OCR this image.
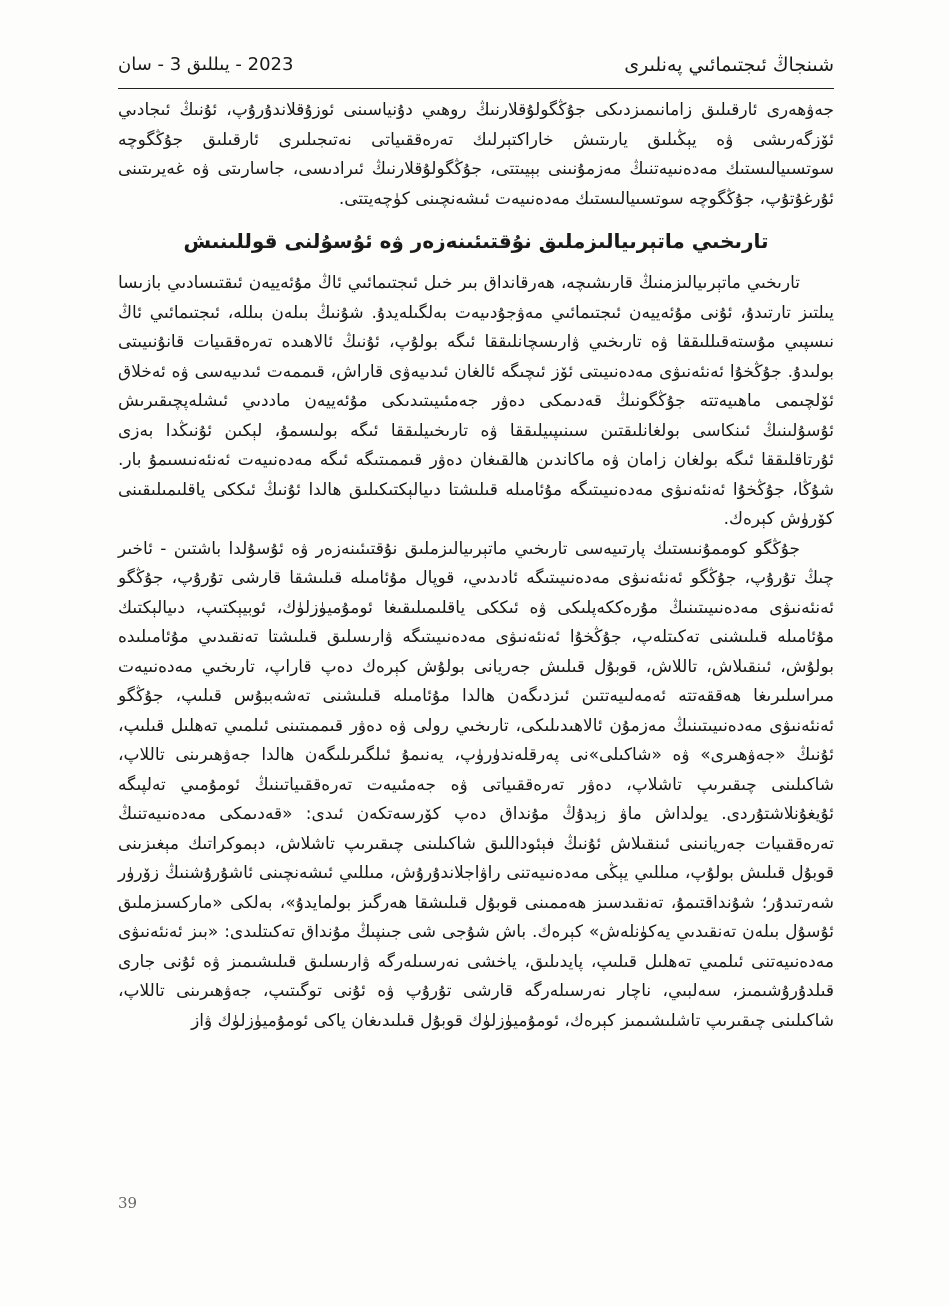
شىنجاڭ ئىجتىمائىي پەنلىرى
2023 - يىللىق 3 - سان

جەۋھەرى ئارقىلىق زامانىمىزدىكى جۇڭگولۇقلارنىڭ روھىي دۇنياسىنى ئوزۇقلاندۇرۇپ، ئۇنىڭ ئىجادىي ئۆزگەرىشى ۋە يېڭىلىق يارىتىش خاراكتېرلىك تەرەققىياتى نەتىجىلىرى ئارقىلىق جۇڭگوچە سوتسىيالىستىك مەدەنىيەتنىڭ مەزمۇنىنى بېيىتتى، جۇڭگولۇقلارنىڭ ئىرادىسى، جاسارىتى ۋە غەيرىتىنى ئۇرغۇتۇپ، جۇڭگوچە سوتسىيالىستىك مەدەنىيەت ئىشەنچىنى كۈچەيتتى.

تارىخىي ماتېرىيالىزملىق نۇقتىئىنەزەر ۋە ئۇسۇلنى قوللىنىش

تارىخىي ماتېرىيالىزمنىڭ قارىشىچە، ھەرقانداق بىر خىل ئىجتىمائىي ئاڭ مۇئەييەن ئىقتىسادىي بازىسا يىلتىز تارتىدۇ، ئۇنى مۇئەييەن ئىجتىمائىي مەۋجۇدىيەت بەلگىلەيدۇ. شۇنىڭ بىلەن بىللە، ئىجتىمائىي ئاڭ نىسپىي مۇستەقىللىققا ۋە تارىخىي ۋارىسچانلىققا ئىگە بولۇپ، ئۇنىڭ ئالاھىدە تەرەققىيات قانۇنىيىتى بولىدۇ. جۇڭخۇا ئەنئەنىۋى مەدەنىيىتى ئۆز ئىچىگە ئالغان ئىدىيەۋى قاراش، قىممەت ئىدىيەسى ۋە ئەخلاق ئۆلچىمى ماھىيەتتە جۇڭگونىڭ قەدىمكى دەۋر جەمئىيىتىدىكى مۇئەييەن ماددىي ئىشلەپچىقىرىش ئۇسۇلىنىڭ ئىنكاسى بولغانلىقتىن سىنىپىيلىققا ۋە تارىخىيلىققا ئىگە بولىسمۇ، لېكىن ئۇنىڭدا بەزى ئۇرتاقلىققا ئىگە بولغان زامان ۋە ماكاندىن ھالقىغان دەۋر قىممىتىگە ئىگە مەدەنىيەت ئەنئەنىسىمۇ بار. شۇڭا، جۇڭخۇا ئەنئەنىۋى مەدەنىيىتىگە مۇئامىلە قىلىشتا دىيالېكتىكىلىق ھالدا ئۇنىڭ ئىككى ياقلىمىلىقىنى كۆرۈش كېرەك.

جۇڭگو كوممۇنىستىك پارتىيەسى تارىخىي ماتېرىيالىزملىق نۇقتىئىنەزەر ۋە ئۇسۇلدا باشتىن - ئاخىر چىڭ تۇرۇپ، جۇڭگو ئەنئەنىۋى مەدەنىيىتىگە ئادىدىي، قوپال مۇئامىلە قىلىشقا قارشى تۇرۇپ، جۇڭگو ئەنئەنىۋى مەدەنىيىتىنىڭ مۇرەككەپلىكى ۋە ئىككى ياقلىمىلىقىغا ئومۇميۈزلۈك، ئوبيېكتىپ، دىيالېكتىك مۇئامىلە قىلىشنى تەكىتلەپ، جۇڭخۇا ئەنئەنىۋى مەدەنىيىتىگە ۋارىسلىق قىلىشتا تەنقىدىي مۇئامىلىدە بولۇش، ئىنقىلاش، تاللاش، قوبۇل قىلىش جەريانى بولۇش كېرەك دەپ قاراپ، تارىخىي مەدەنىيەت مىراسلىرىغا ھەققەتتە ئەمەلىيەتتىن ئىزدىگەن ھالدا مۇئامىلە قىلىشنى تەشەببۇس قىلىپ، جۇڭگو ئەنئەنىۋى مەدەنىيىتىنىڭ مەزمۇن ئالاھىدىلىكى، تارىخىي رولى ۋە دەۋر قىممىتىنى ئىلمىي تەھلىل قىلىپ، ئۇنىڭ «جەۋھىرى» ۋە «شاكىلى»نى پەرقلەندۈرۈپ، يەنىمۇ ئىلگىرىلىگەن ھالدا جەۋھىرىنى تاللاپ، شاكىلىنى چىقىرىپ تاشلاپ، دەۋر تەرەققىياتى ۋە جەمئىيەت تەرەققىياتىنىڭ ئومۇمىي تەلپىگە ئۇيغۇنلاشتۇردى. يولداش ماۋ زېدۇڭ مۇنداق دەپ كۆرسەتكەن ئىدى: «قەدىمكى مەدەنىيەتنىڭ تەرەققىيات جەريانىنى ئىنقىلاش ئۇنىڭ فېئوداللىق شاكىلىنى چىقىرىپ تاشلاش، دېموكراتىك مېغىزىنى قوبۇل قىلىش بولۇپ، مىللىي يېڭى مەدەنىيەتنى راۋاجلاندۇرۇش، مىللىي ئىشەنچىنى ئاشۇرۇشنىڭ زۆرۈر شەرتىدۇر؛ شۇنداقتىمۇ، تەنقىدسىز ھەممىنى قوبۇل قىلىشقا ھەرگىز بولمايدۇ»، بەلكى «ماركسىزملىق ئۇسۇل بىلەن تەنقىدىي يەكۈنلەش» كېرەك. باش شۇجى شى جىنپىڭ مۇنداق تەكىتلىدى: «بىز ئەنئەنىۋى مەدەنىيەتنى ئىلمىي تەھلىل قىلىپ، پايدىلىق، ياخشى نەرسىلەرگە ۋارىسلىق قىلىشىمىز ۋە ئۇنى جارى قىلدۇرۇشىمىز، سەلبىي، ناچار نەرسىلەرگە قارشى تۇرۇپ ۋە ئۇنى توگىتىپ، جەۋھىرىنى تاللاپ، شاكىلىنى چىقىرىپ تاشلىشىمىز كېرەك، ئومۇميۈزلۈك قوبۇل قىلىدىغان ياكى ئومۇميۈزلۈك ۋاز

39
